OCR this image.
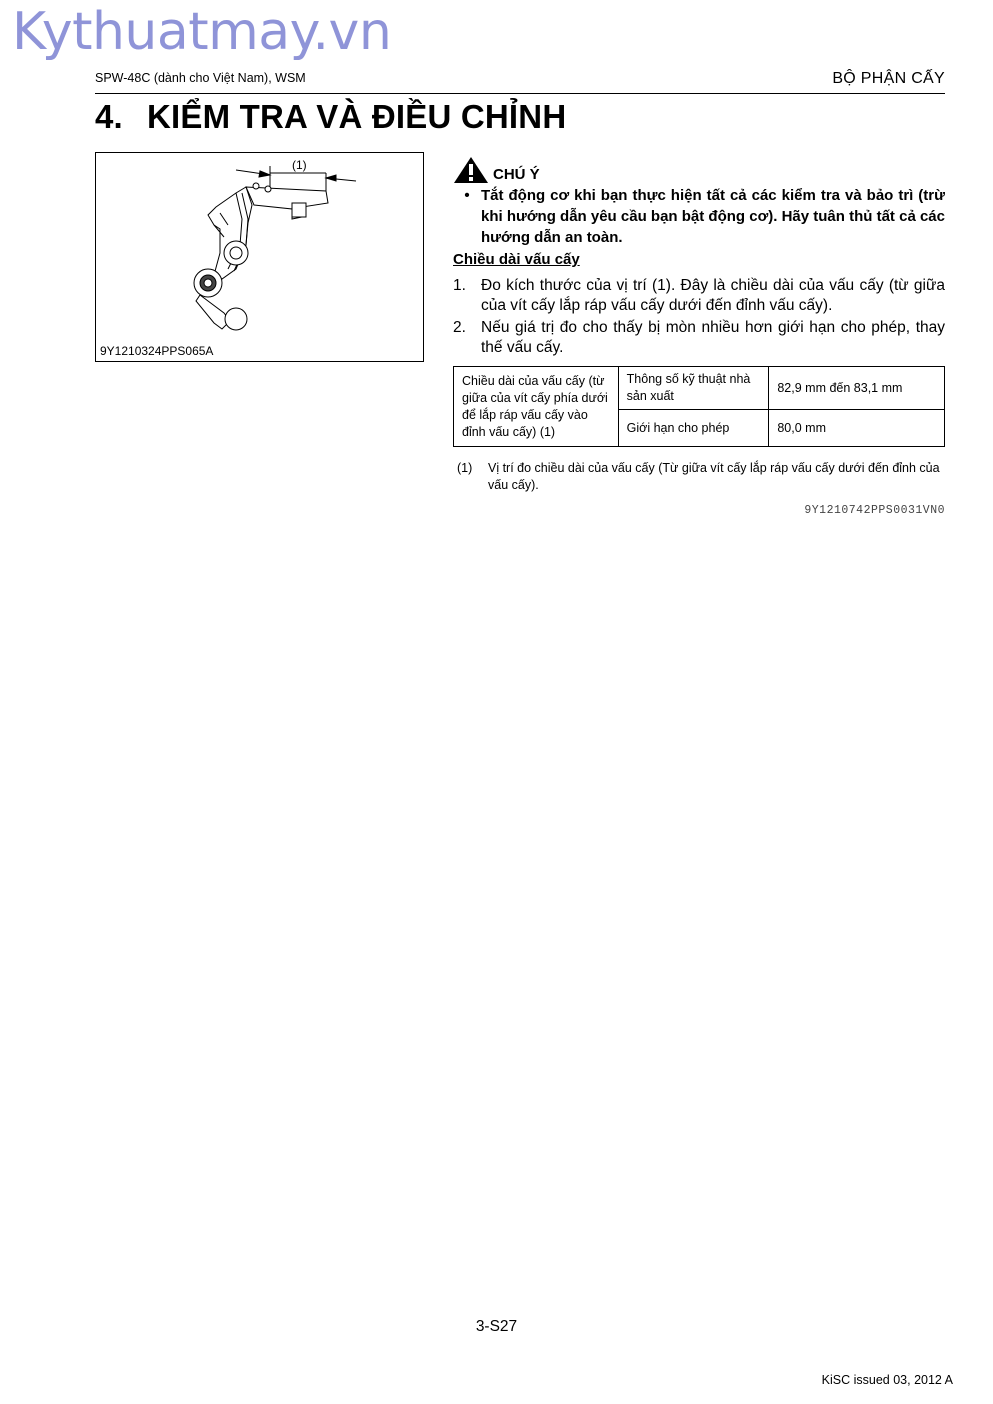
Kythuatmay.vn
SPW-48C (dành cho Việt Nam), WSM	BỘ PHẬN CẤY
4. KIỂM TRA VÀ ĐIỀU CHỈNH
(1)
9Y1210324PPS065A
CHÚ Ý
• Tắt động cơ khi bạn thực hiện tất cả các kiểm tra và bảo trì (trừ khi hướng dẫn yêu cầu bạn bật động cơ). Hãy tuân thủ tất cả các hướng dẫn an toàn.
Chiều dài vấu cấy
1. Đo kích thước của vị trí (1). Đây là chiều dài của vấu cấy (từ giữa của vít cấy lắp ráp vấu cấy dưới đến đỉnh vấu cấy).
2. Nếu giá trị đo cho thấy bị mòn nhiều hơn giới hạn cho phép, thay thế vấu cấy.
Chiều dài của vấu cấy (từ giữa của vít cấy phía dưới để lắp ráp vấu cấy vào đỉnh vấu cấy) (1)	Thông số kỹ thuật nhà sản xuất	82,9 mm đến 83,1 mm
	Giới hạn cho phép	80,0 mm
(1)	Vị trí đo chiều dài của vấu cấy (Từ giữa vít cấy lắp ráp vấu cấy dưới đến đỉnh của vấu cấy).
9Y1210742PPS0031VN0
3-S27
KiSC issued 03, 2012 A
